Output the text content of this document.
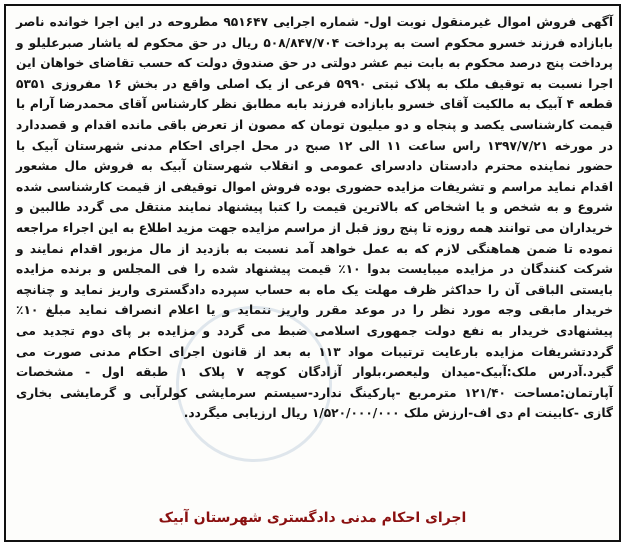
آگهی فروش اموال غیرمنقول نوبت اول- شماره اجرایی ۹۵۱۶۴۷ مطروحه در این اجرا خوانده ناصر بابازاده فرزند خسرو محکوم است به پرداخت ۵۰۸/۸۴۷/۷۰۴ ریال در حق محکوم له یاشار صبرعلیلو و پرداخت پنج درصد محکوم به بابت نیم عشر دولتی در حق صندوق دولت که حسب تقاضای خواهان این اجرا نسبت به توقیف ملک به پلاک ثبتی ۵۹۹۰ فرعی از یک اصلی واقع در بخش ۱۶ مفروزی ۵۳۵۱ قطعه ۴ آبیک به مالکیت آقای خسرو بابازاده فرزند بابه مطابق نظر کارشناس آقای محمدرضا آرام با قیمت کارشناسی یکصد و پنجاه و دو میلیون تومان که مصون از تعرض باقی مانده اقدام و قصددارد در مورخه ۱۳۹۷/۷/۲۱ راس ساعت ۱۱ الی ۱۲ صبح در محل اجرای احکام مدنی شهرستان آبیک با حضور نماینده محترم دادستان دادسرای عمومی و انقلاب شهرستان آبیک به فروش مال مشعور اقدام نماید مراسم و تشریفات مزایده حضوری بوده فروش اموال توقیفی از قیمت کارشناسی شده شروع و به شخص و یا اشخاص که بالاترین قیمت را کتبا پیشنهاد نمایند منتقل می گردد طالبین و خریداران می توانند همه روزه تا پنج روز قبل از مراسم مزایده جهت مزید اطلاع به این اجراء مراجعه نموده تا ضمن هماهنگی لازم که به عمل خواهد آمد نسبت به بازدید از مال مزبور اقدام نمایند و شرکت کنندگان در مزایده میبایست بدوا ۱۰٪ قیمت پیشنهاد شده را فی المجلس و برنده مزایده بایستی الباقی آن را حداکثر ظرف مهلت یک ماه به حساب سپرده دادگستری واریز نماید و چنانچه خریدار مابقی وجه مورد نظر را در موعد مقرر واریز ننماید و یا اعلام انصراف نماید مبلغ ۱۰٪ پیشنهادی خریدار به نفع دولت جمهوری اسلامی ضبط می گردد و مزایده بر پای دوم تجدید می گرددتشریفات مزایده بارعایت ترتیبات مواد ۱۱۳ به بعد از قانون اجرای احکام مدنی صورت می گیرد.آدرس ملک:آبیک-میدان ولیعصر،بلوار آزادگان کوچه ۷ پلاک ۱ طبقه اول - مشخصات آپارتمان:مساحت ۱۲۱/۴۰ مترمربع -پارکینگ ندارد-سیستم سرمایشی کولرآبی و گرمایشی بخاری گازی -کابینت ام دی اف-ارزش ملک ۱/۵۲۰/۰۰۰/۰۰۰ ریال ارزیابی میگردد.
اجرای احکام مدنی دادگستری شهرستان آبیک
